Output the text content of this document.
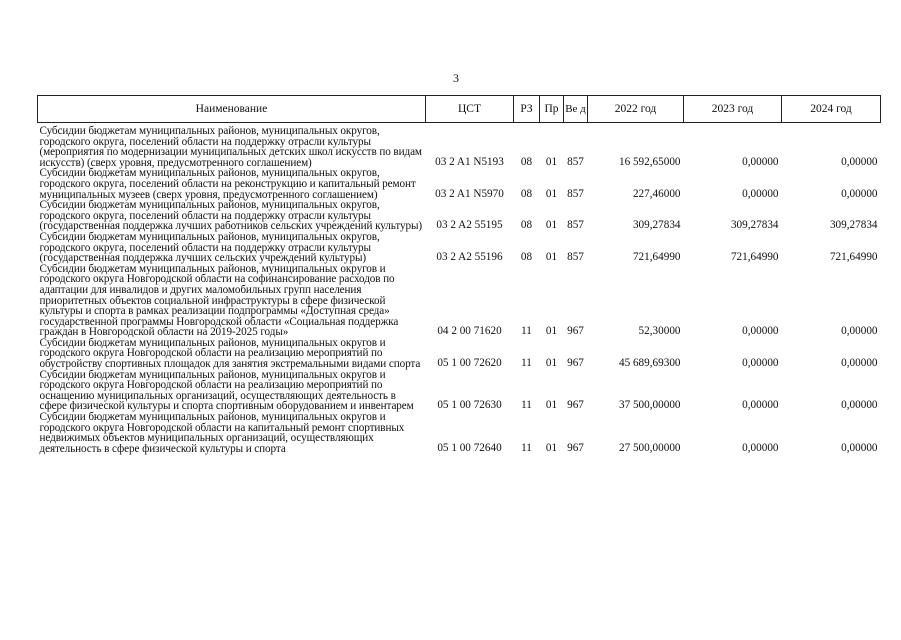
3
Наименование	ЦСТ	РЗ	Пр	Ве д	2022 год	2023 год	2024 год
Субсидии бюджетам муниципальных районов, муниципальных округов, городского округа, поселений области на поддержку отрасли культуры (мероприятия по модернизации муниципальных детских школ искусств по видам искусств) (сверх уровня, предусмотренного соглашением)	03 2 A1 N5193	08	01	857	16 592,65000	0,00000	0,00000
Субсидии бюджетам муниципальных районов, муниципальных округов, городского округа, поселений области на реконструкцию и капитальный ремонт муниципальных музеев (сверх уровня, предусмотренного соглашением)	03 2 A1 N5970	08	01	857	227,46000	0,00000	0,00000
Субсидии бюджетам муниципальных районов, муниципальных округов, городского округа, поселений области на поддержку отрасли культуры (государственная поддержка лучших работников сельских учреждений культуры)	03 2 A2 55195	08	01	857	309,27834	309,27834	309,27834
Субсидии бюджетам муниципальных районов, муниципальных округов, городского округа, поселений области на поддержку отрасли культуры (государственная поддержка лучших сельских учреждений культуры)	03 2 A2 55196	08	01	857	721,64990	721,64990	721,64990
Субсидии бюджетам муниципальных районов, муниципальных округов и городского округа Новгородской области на софинансирование расходов по адаптации для инвалидов и других маломобильных групп населения приоритетных объектов социальной инфраструктуры в сфере физической культуры и спорта в рамках реализации подпрограммы «Доступная среда» государственной программы Новгородской области «Социальная поддержка граждан в Новгородской области на 2019-2025 годы»	04 2 00 71620	11	01	967	52,30000	0,00000	0,00000
Субсидии бюджетам муниципальных районов, муниципальных округов и городского округа Новгородской области на реализацию мероприятий по обустройству спортивных площадок для занятия экстремальными видами спорта	05 1 00 72620	11	01	967	45 689,69300	0,00000	0,00000
Субсидии бюджетам муниципальных районов, муниципальных округов и городского округа Новгородской области на реализацию мероприятий по оснащению муниципальных организаций, осуществляющих деятельность в сфере физической культуры и спорта спортивным оборудованием и инвентарем	05 1 00 72630	11	01	967	37 500,00000	0,00000	0,00000
Субсидии бюджетам муниципальных районов, муниципальных округов и городского округа Новгородской области на капитальный ремонт спортивных недвижимых объектов муниципальных организаций, осуществляющих деятельность в сфере физической культуры и спорта	05 1 00 72640	11	01	967	27 500,00000	0,00000	0,00000
